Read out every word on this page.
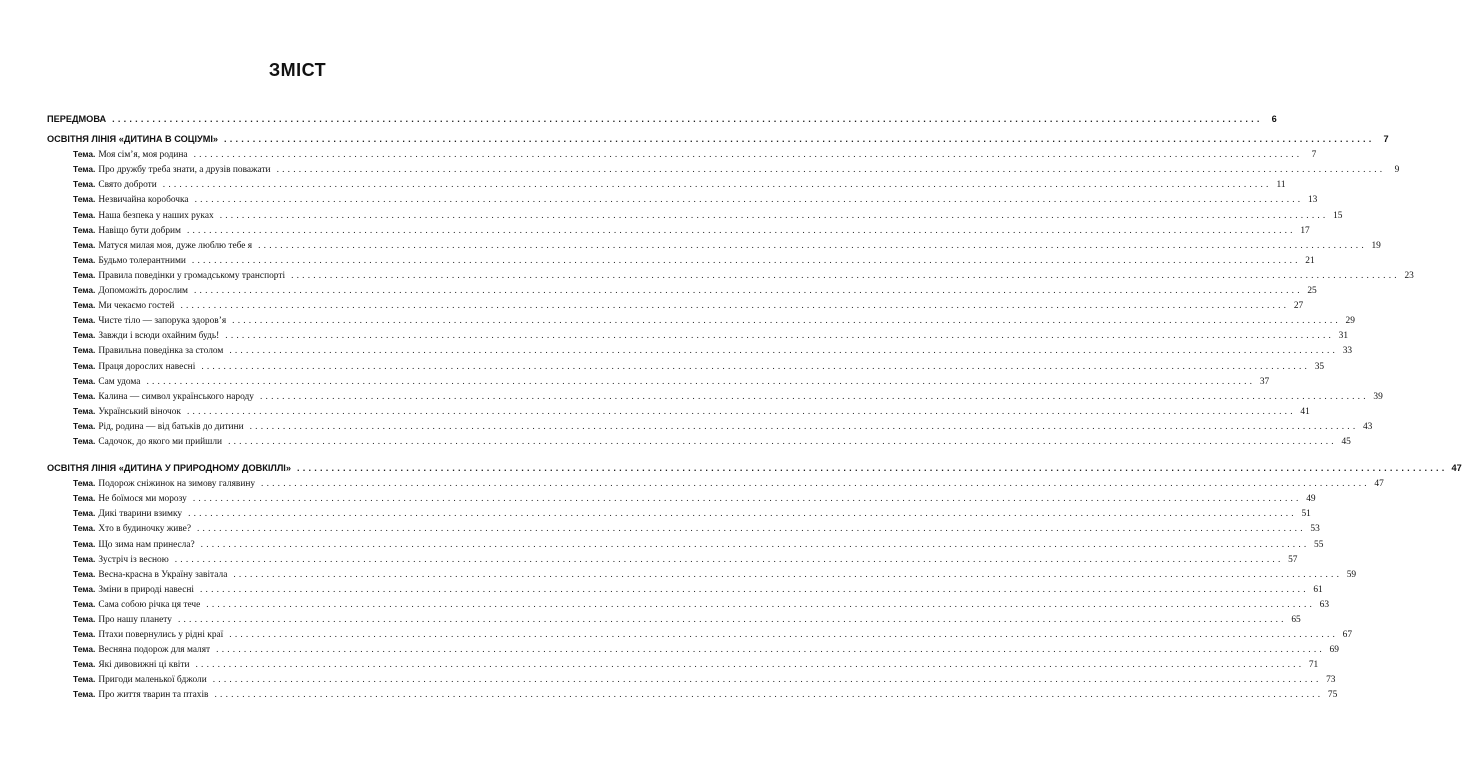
ЗМІСТ
ПЕРЕДМОВА ........................................................................................................................................................................................................ 6
ОСВІТНЯ ЛІНІЯ «ДИТИНА В СОЦІУМІ» ........................................................................................................................................................................................................ 7
Тема. Моя сім’я, моя родина ........................................................................................................................................................................................................ 7
Тема. Про дружбу треба знати, а друзів поважати ........................................................................................................................................................................................................ 9
Тема. Свято доброти ........................................................................................................................................................................................................ 11
Тема. Незвичайна коробочка ........................................................................................................................................................................................................ 13
Тема. Наша безпека у наших руках ........................................................................................................................................................................................................ 15
Тема. Навіщо бути добрим ........................................................................................................................................................................................................ 17
Тема. Матуся милая моя, дуже люблю тебе я ........................................................................................................................................................................................................ 19
Тема. Будьмо толерантними ........................................................................................................................................................................................................ 21
Тема. Правила поведінки у громадському транспорті ........................................................................................................................................................................................................ 23
Тема. Допоможіть дорослим ........................................................................................................................................................................................................ 25
Тема. Ми чекаємо гостей ........................................................................................................................................................................................................ 27
Тема. Чисте тіло — запорука здоров’я ........................................................................................................................................................................................................ 29
Тема. Завжди і всюди охайним будь! ........................................................................................................................................................................................................ 31
Тема. Правильна поведінка за столом ........................................................................................................................................................................................................ 33
Тема. Праця дорослих навесні ........................................................................................................................................................................................................ 35
Тема. Сам удома ........................................................................................................................................................................................................ 37
Тема. Калина — символ українського народу ........................................................................................................................................................................................................ 39
Тема. Український віночок ........................................................................................................................................................................................................ 41
Тема. Рід, родина — від батьків до дитини ........................................................................................................................................................................................................ 43
Тема. Садочок, до якого ми прийшли ........................................................................................................................................................................................................ 45
ОСВІТНЯ ЛІНІЯ «ДИТИНА У ПРИРОДНОМУ ДОВКІЛЛІ» ........................................................................................................................................................................................................ 47
Тема. Подорож сніжинок на зимову галявину ........................................................................................................................................................................................................ 47
Тема. Не боїмося ми морозу ........................................................................................................................................................................................................ 49
Тема. Дикі тварини взимку ........................................................................................................................................................................................................ 51
Тема. Хто в будиночку живе? ........................................................................................................................................................................................................ 53
Тема. Що зима нам принесла? ........................................................................................................................................................................................................ 55
Тема. Зустріч із весною ........................................................................................................................................................................................................ 57
Тема. Весна-красна в Україну завітала ........................................................................................................................................................................................................ 59
Тема. Зміни в природі навесні ........................................................................................................................................................................................................ 61
Тема. Сама собою річка ця тече ........................................................................................................................................................................................................ 63
Тема. Про нашу планету ........................................................................................................................................................................................................ 65
Тема. Птахи повернулись у рідні краї ........................................................................................................................................................................................................ 67
Тема. Весняна подорож для малят ........................................................................................................................................................................................................ 69
Тема. Які дивовижні ці квіти ........................................................................................................................................................................................................ 71
Тема. Пригоди маленької бджоли ........................................................................................................................................................................................................ 73
Тема. Про життя тварин та птахів ........................................................................................................................................................................................................ 75
